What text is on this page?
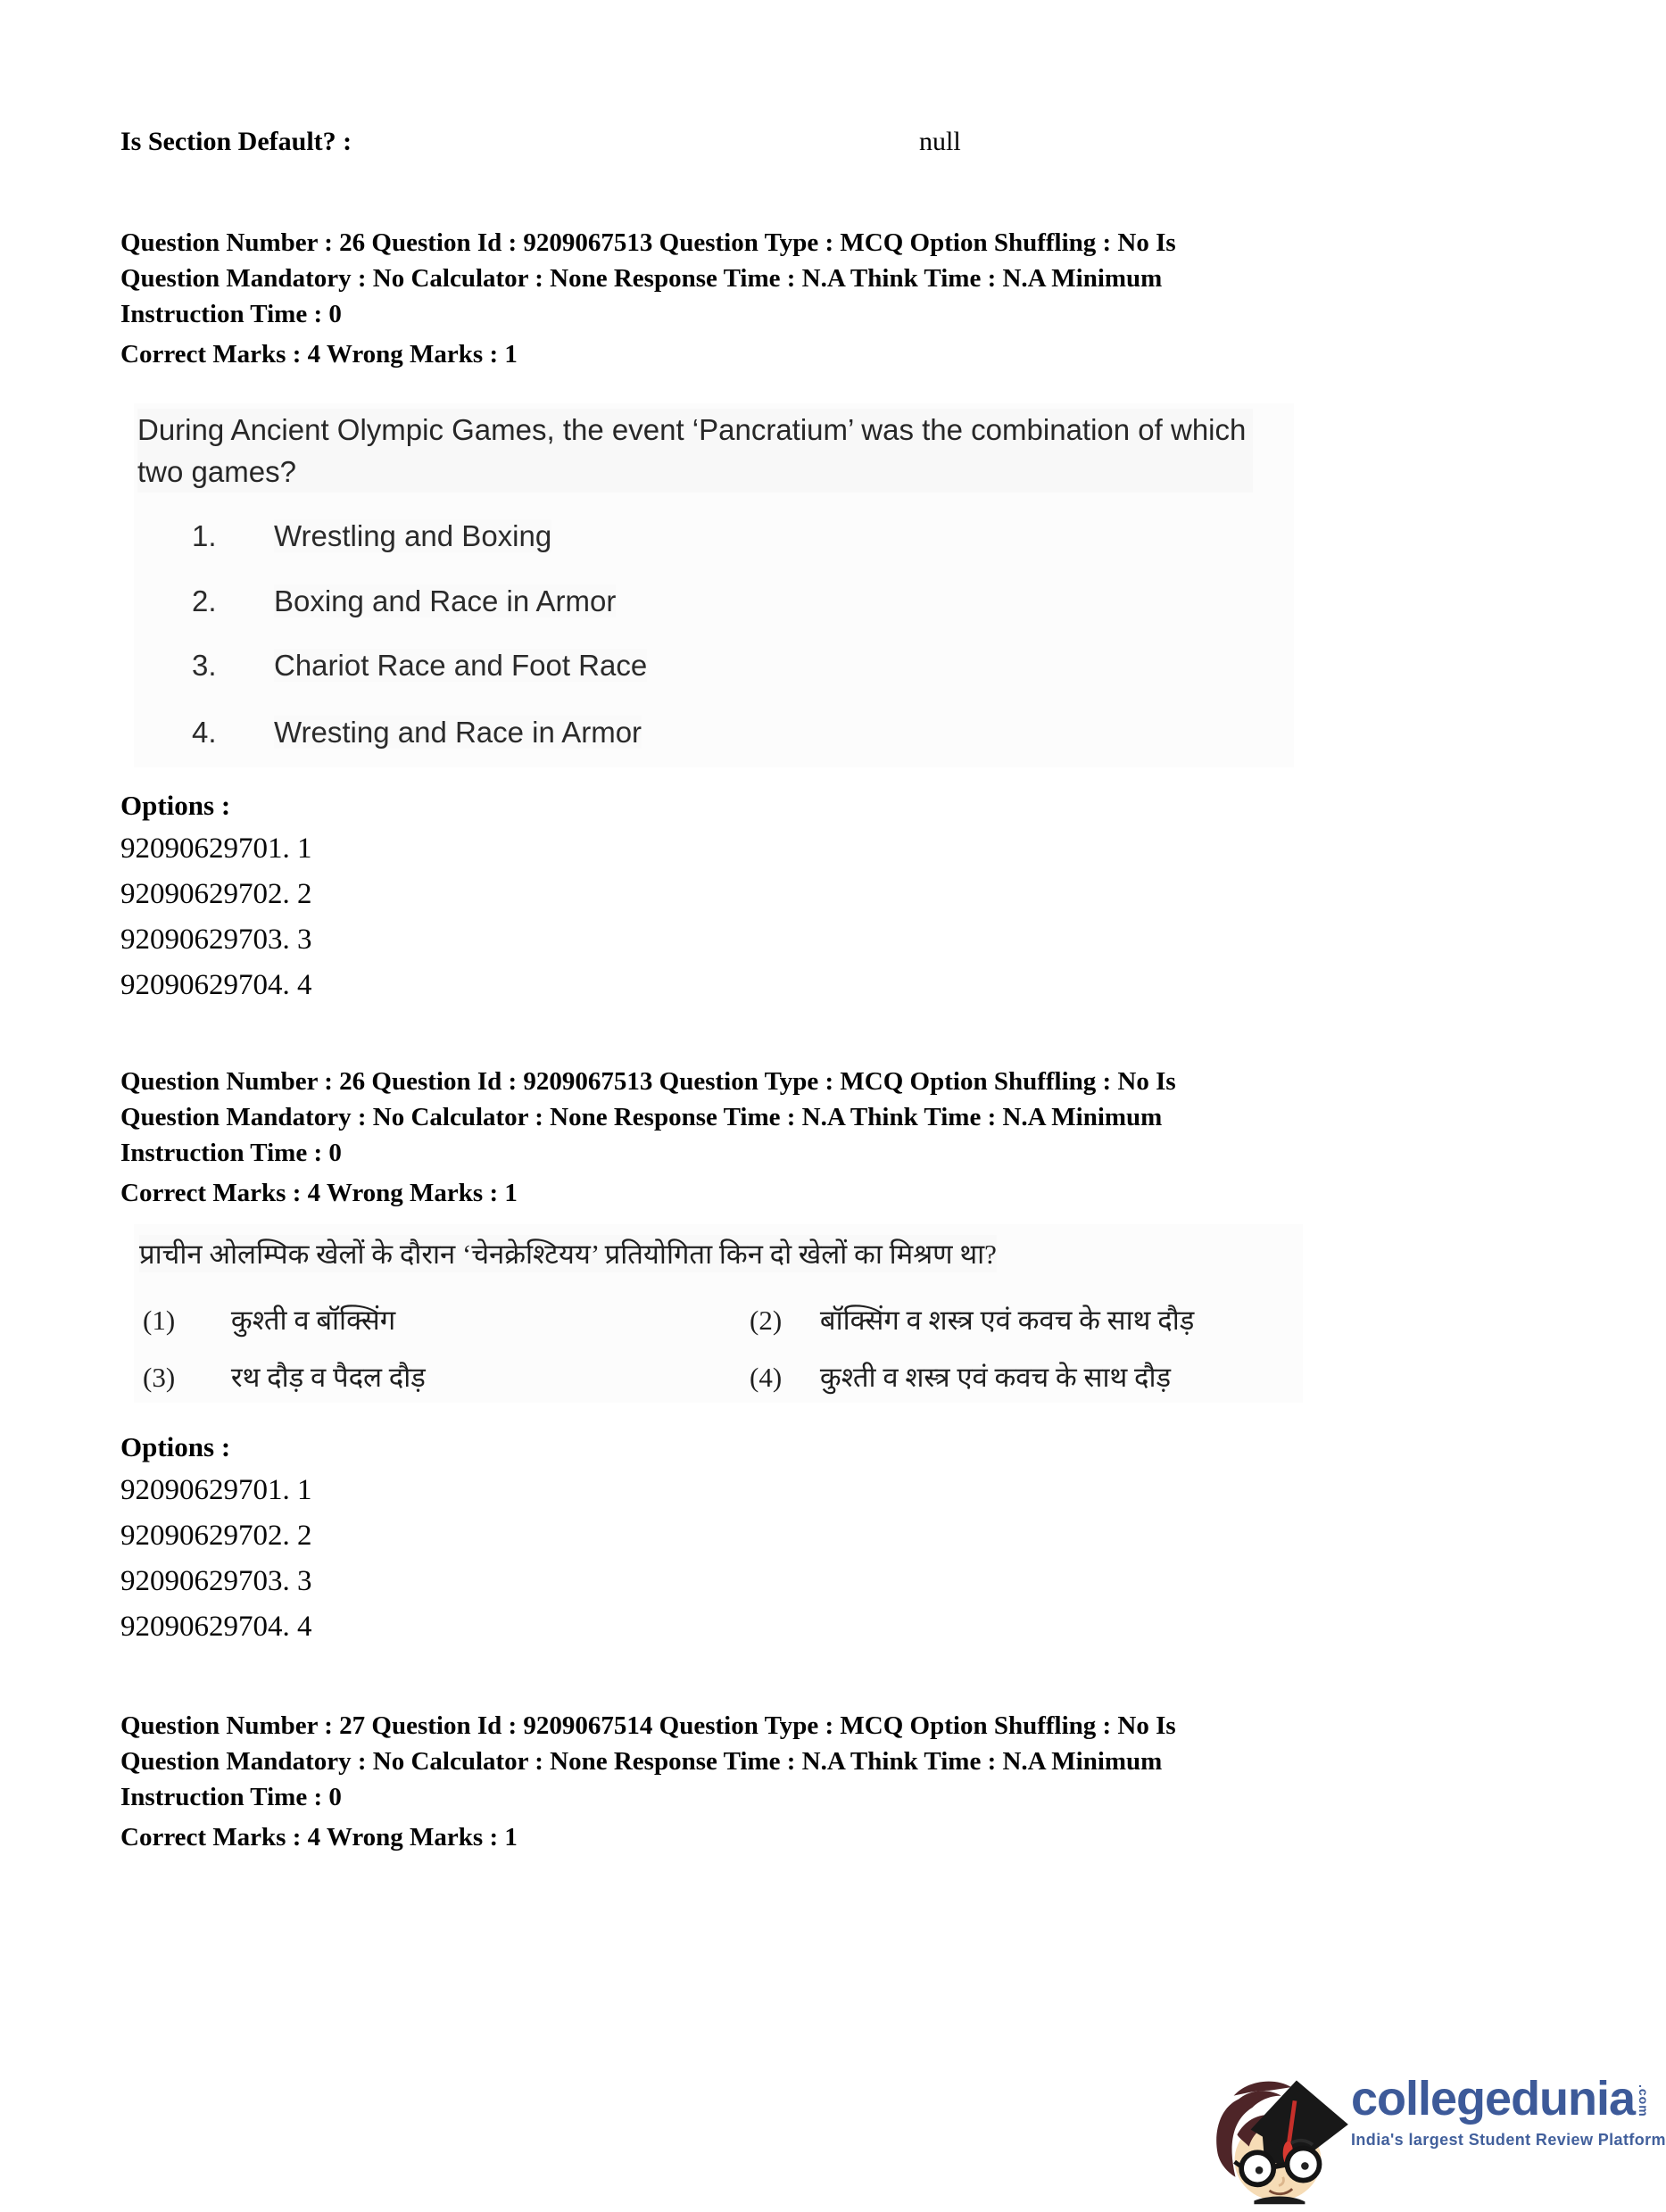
Is Section Default? :	null
Question Number : 26 Question Id : 9209067513 Question Type : MCQ Option Shuffling : No Is
Question Mandatory : No Calculator : None Response Time : N.A Think Time : N.A Minimum
Instruction Time : 0
Correct Marks : 4 Wrong Marks : 1
During Ancient Olympic Games, the event ‘Pancratium’ was the combination of which two games?
1. Wrestling and Boxing
2. Boxing and Race in Armor
3. Chariot Race and Foot Race
4. Wresting and Race in Armor
Options :
92090629701. 1
92090629702. 2
92090629703. 3
92090629704. 4
Question Number : 26 Question Id : 9209067513 Question Type : MCQ Option Shuffling : No Is
Question Mandatory : No Calculator : None Response Time : N.A Think Time : N.A Minimum
Instruction Time : 0
Correct Marks : 4 Wrong Marks : 1
प्राचीन ओलम्पिक खेलों के दौरान ‘चेनक्रेश्टियय’ प्रतियोगिता किन दो खेलों का मिश्रण था?
(1) कुश्ती व बॉक्सिंग	(2) बॉक्सिंग व शस्त्र एवं कवच के साथ दौड़
(3) रथ दौड़ व पैदल दौड़	(4) कुश्ती व शस्त्र एवं कवच के साथ दौड़
Options :
92090629701. 1
92090629702. 2
92090629703. 3
92090629704. 4
Question Number : 27 Question Id : 9209067514 Question Type : MCQ Option Shuffling : No Is
Question Mandatory : No Calculator : None Response Time : N.A Think Time : N.A Minimum
Instruction Time : 0
Correct Marks : 4 Wrong Marks : 1
collegedunia .com
India's largest Student Review Platform
